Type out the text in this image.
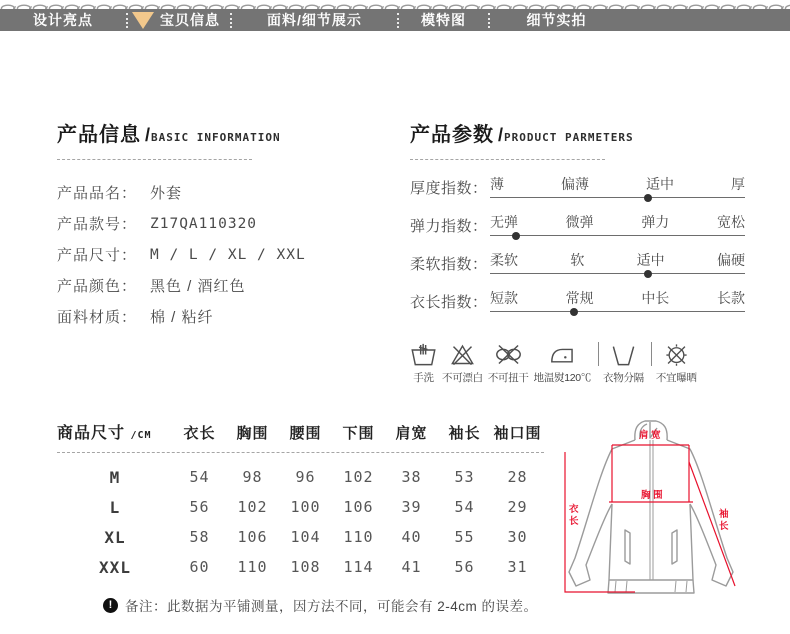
设计亮点	宝贝信息	面料/细节展示	模特图	细节实拍
产品信息 /BASIC INFORMATION
产品品名： 外套
产品款号： Z17QA110320
产品尺寸： M / L / XL / XXL
产品颜色： 黑色 / 酒红色
面料材质： 棉 / 粘纤
产品参数 /PRODUCT PARMETERS
厚度指数： 薄	偏薄	适中	厚
弹力指数： 无弹	微弹	弹力	宽松
柔软指数： 柔软	软	适中	偏硬
衣长指数： 短款	常规	中长	长款
手洗 不可漂白 不可扭干 地温熨120℃ 衣物分隔 不宜曝晒
商品尺寸 /CM	衣长	胸围	腰围	下围	肩宽	袖长 袖口围
M	54	98	96	102	38	53	28
L	56	102	100	106	39	54	29
XL	58	106	104	110	40	55	30
XXL	60	110	108	114	41	56	31
肩 宽
胸 围
衣
长
袖
长
! 备注：此数据为平铺测量，因方法不同，可能会有 2-4cm 的误差。
